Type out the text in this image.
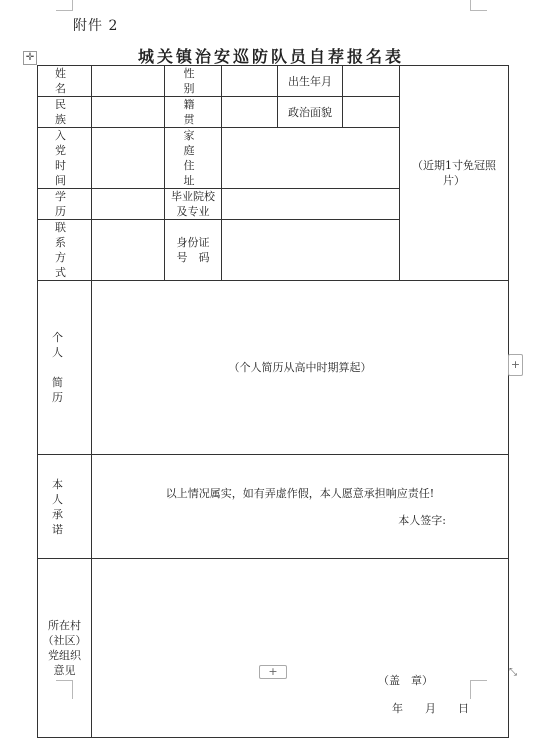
附件 2
城关镇治安巡防队员自荐报名表
✛
姓　名		性　别		出生年月		（近期1寸免冠照
片）
民　族		籍　贯		政治面貌		
入　党
时　间		家　庭
住　址				
学　历		毕业院校
及专业				
联　系
方　式		身份证
号　码				
个　人

简　历	（个人简历从高中时期算起）					
本　人
承　诺	以上情况属实，如有弄虚作假，本人愿意承担响应责任!
本人签字:					

所在村
（社区）
党组织
意见	（盖　章）
年　　月　　日					
+
+	⤡
